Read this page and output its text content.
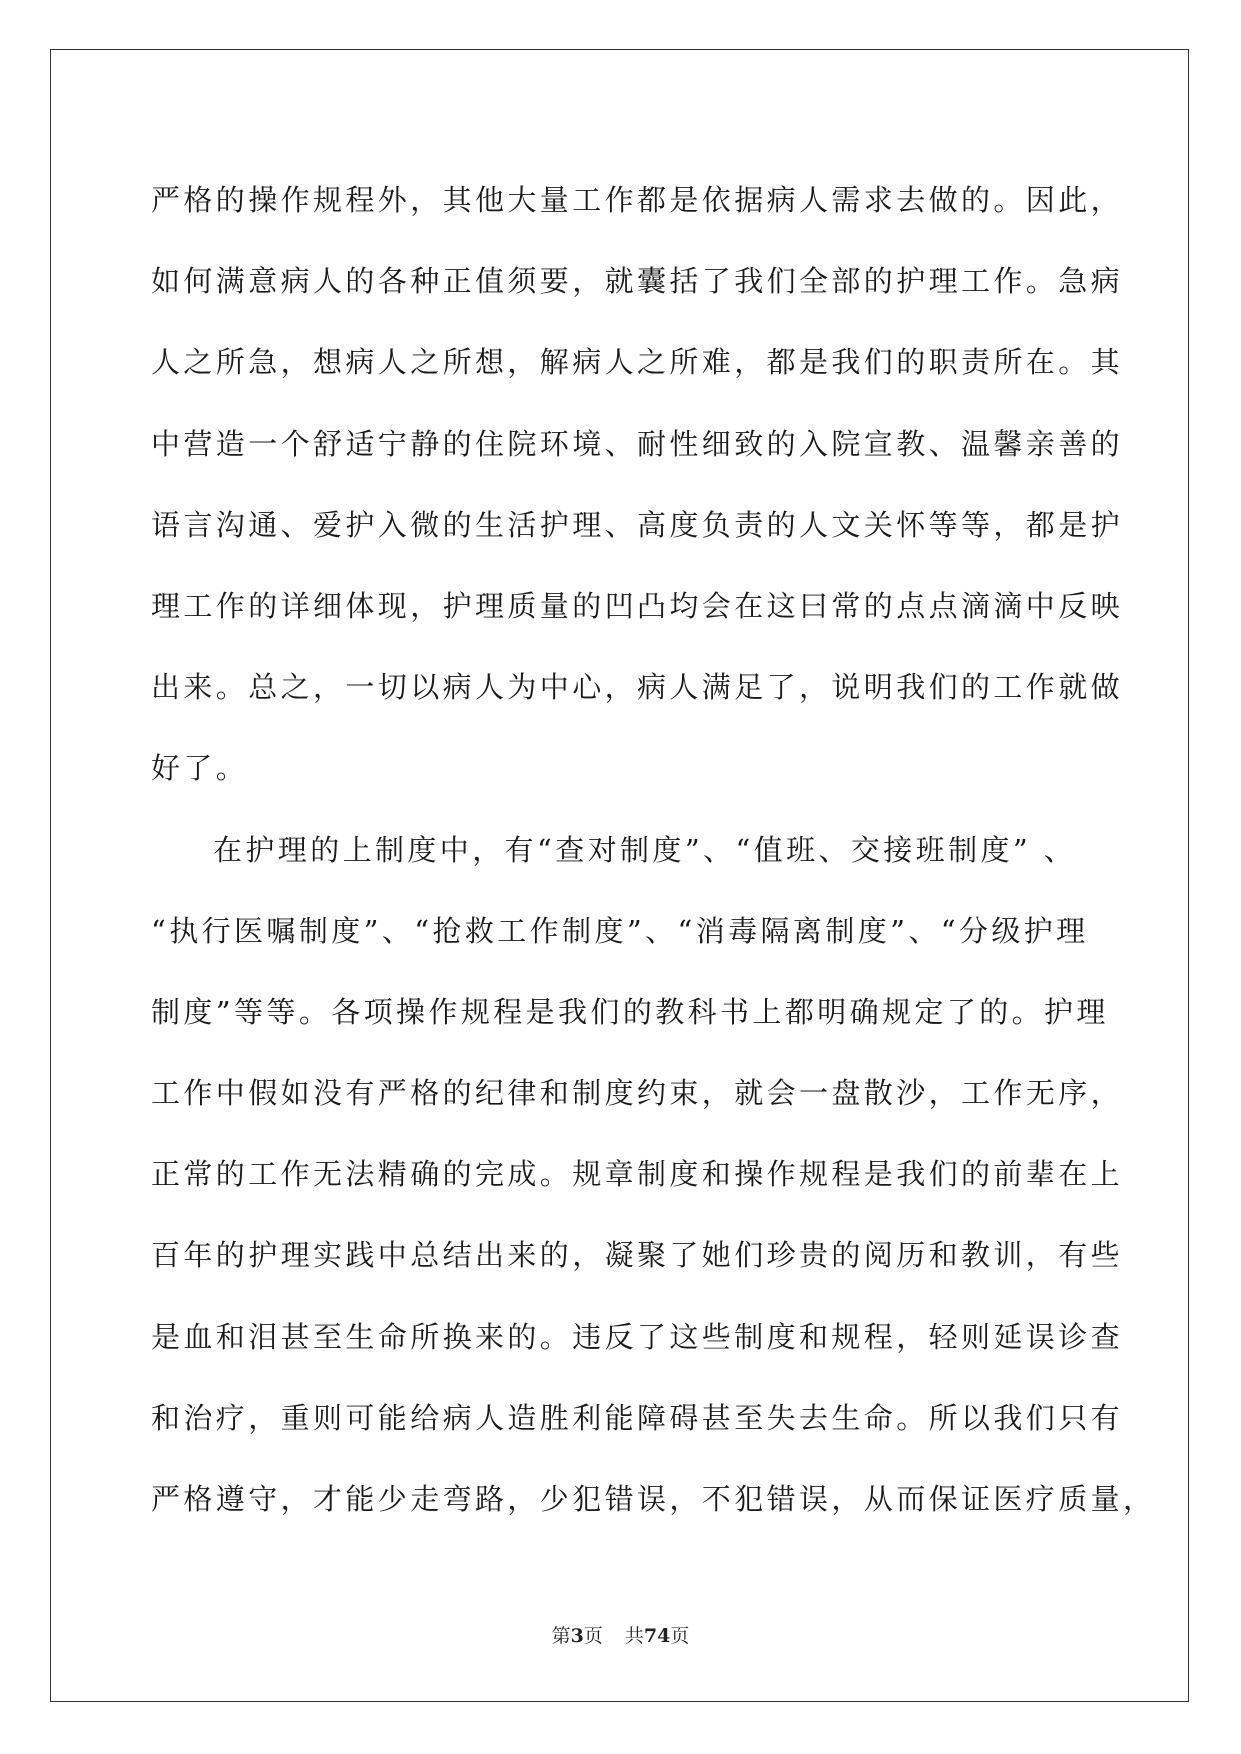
严格的操作规程外，其他大量工作都是依据病人需求去做的。因此，
如何满意病人的各种正值须要，就囊括了我们全部的护理工作。急病
人之所急，想病人之所想，解病人之所难，都是我们的职责所在。其
中营造一个舒适宁静的住院环境、耐性细致的入院宣教、温馨亲善的
语言沟通、爱护入微的生活护理、高度负责的人文关怀等等，都是护
理工作的详细体现，护理质量的凹凸均会在这曰常的点点滴滴中反映
出来。总之，一切以病人为中心，病人满足了，说明我们的工作就做
好了。
在护理的上制度中，有“查对制度”、“值班、交接班制度” 、
“执行医嘱制度”、“抢救工作制度”、“消毒隔离制度”、“分级护理
制度”等等。各项操作规程是我们的教科书上都明确规定了的。护理
工作中假如没有严格的纪律和制度约束，就会一盘散沙，工作无序，
正常的工作无法精确的完成。规章制度和操作规程是我们的前辈在上
百年的护理实践中总结出来的，凝聚了她们珍贵的阅历和教训，有些
是血和泪甚至生命所换来的。违反了这些制度和规程，轻则延误诊查
和治疗，重则可能给病人造胜利能障碍甚至失去生命。所以我们只有
严格遵守，才能少走弯路，少犯错误，不犯错误，从而保证医疗质量，
第3页 共74页
